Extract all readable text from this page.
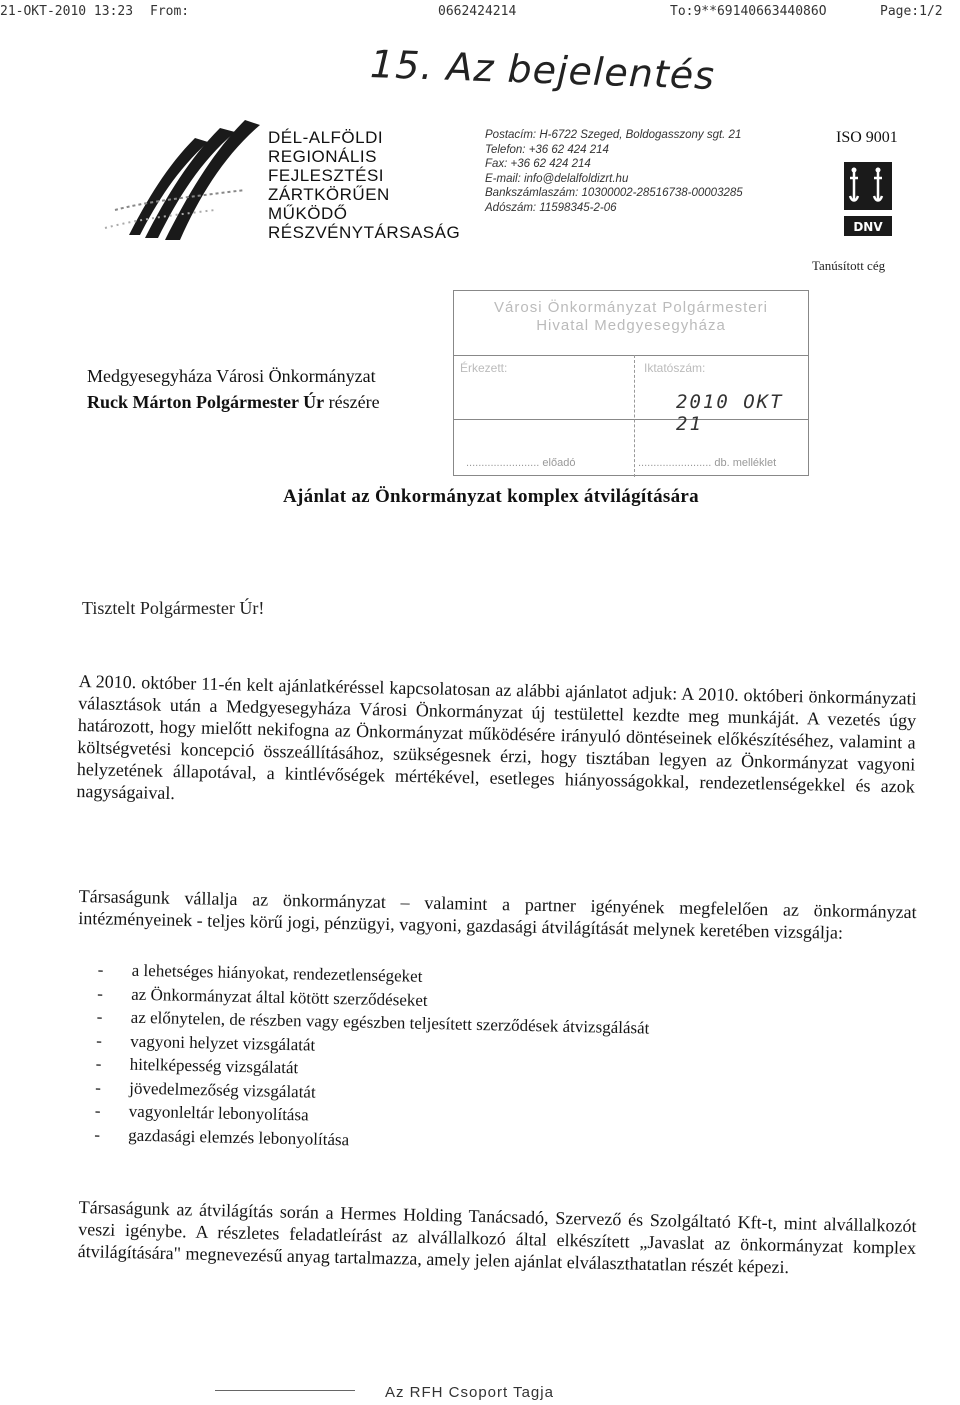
21-OKT-2010 13:23 From:	0662424214	To:9**6914066344086O	Page:1/2
15. Az bejelentés
DÉL-ALFÖLDI
REGIONÁLIS
FEJLESZTÉSI
ZÁRTKÖRŰEN
MŰKÖDŐ
RÉSZVÉNYTÁRSASÁG
Postacím: H-6722 Szeged, Boldogasszony sgt. 21
Telefon: +36 62 424 214
Fax: +36 62 424 214
E-mail: info@delalfoldizrt.hu
Bankszámlaszám: 10300002-28516738-00003285
Adószám: 11598345-2-06
ISO 9001
DNV
Tanúsított cég
Medgyesegyháza Városi Önkormányzat
Ruck Márton Polgármester Úr részére
Városi Önkormányzat Polgármesteri
Hivatal Medgyesegyháza
Érkezett:	Iktatószám:
2010 OKT 21
........................ előadó	........................ db. melléklet
Ajánlat az Önkormányzat komplex átvilágítására
Tisztelt Polgármester Úr!
A 2010. október 11-én kelt ajánlatkéréssel kapcsolatosan az alábbi ajánlatot adjuk: A 2010. októberi önkormányzati választások után a Medgyesegyháza Városi Önkormányzat új testülettel kezdte meg munkáját. A vezetés úgy határozott, hogy mielőtt nekifogna az Önkormányzat működésére irányuló döntéseinek előkészítéséhez, valamint a költségvetési koncepció összeállításához, szükségesnek érzi, hogy tisztában legyen az Önkormányzat vagyoni helyzetének állapotával, a kintlévőségek mértékével, esetleges hiányosságokkal, rendezetlenségekkel és azok nagyságaival.
Társaságunk vállalja az önkormányzat – valamint a partner igényének megfelelően az önkormányzat intézményeinek - teljes körű jogi, pénzügyi, vagyoni, gazdasági átvilágítását melynek keretében vizsgálja:
- a lehetséges hiányokat, rendezetlenségeket
- az Önkormányzat által kötött szerződéseket
- az előnytelen, de részben vagy egészben teljesített szerződések átvizsgálását
- vagyoni helyzet vizsgálatát
- hitelképesség vizsgálatát
- jövedelmezőség vizsgálatát
- vagyonleltár lebonyolítása
- gazdasági elemzés lebonyolítása
Társaságunk az átvilágítás során a Hermes Holding Tanácsadó, Szervező és Szolgáltató Kft-t, mint alvállalkozót veszi igénybe. A részletes feladatleírást az alvállalkozó által elkészített „Javaslat az önkormányzat komplex átvilágítására" megnevezésű anyag tartalmazza, amely jelen ajánlat elválaszthatatlan részét képezi.
Az RFH Csoport Tagja
